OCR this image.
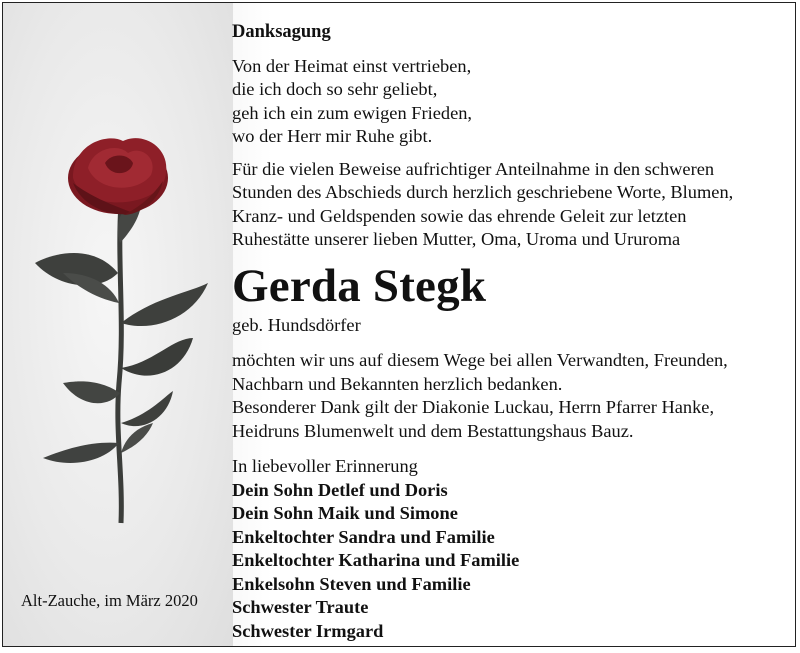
Alt-Zauche, im März 2020
Danksagung
Von der Heimat einst vertrieben,
die ich doch so sehr geliebt,
geh ich ein zum ewigen Frieden,
wo der Herr mir Ruhe gibt.
Für die vielen Beweise aufrichtiger Anteilnahme in den schweren
Stunden des Abschieds durch herzlich geschriebene Worte, Blumen,
Kranz- und Geldspenden sowie das ehrende Geleit zur letzten
Ruhestätte unserer lieben Mutter, Oma, Uroma und Ururoma
Gerda Stegk
geb. Hundsdörfer
möchten wir uns auf diesem Wege bei allen Verwandten, Freunden,
Nachbarn und Bekannten herzlich bedanken.
Besonderer Dank gilt der Diakonie Luckau, Herrn Pfarrer Hanke,
Heidruns Blumenwelt und dem Bestattungshaus Bauz.
In liebevoller Erinnerung
Dein Sohn Detlef und Doris
Dein Sohn Maik und Simone
Enkeltochter Sandra und Familie
Enkeltochter Katharina und Familie
Enkelsohn Steven und Familie
Schwester Traute
Schwester Irmgard
